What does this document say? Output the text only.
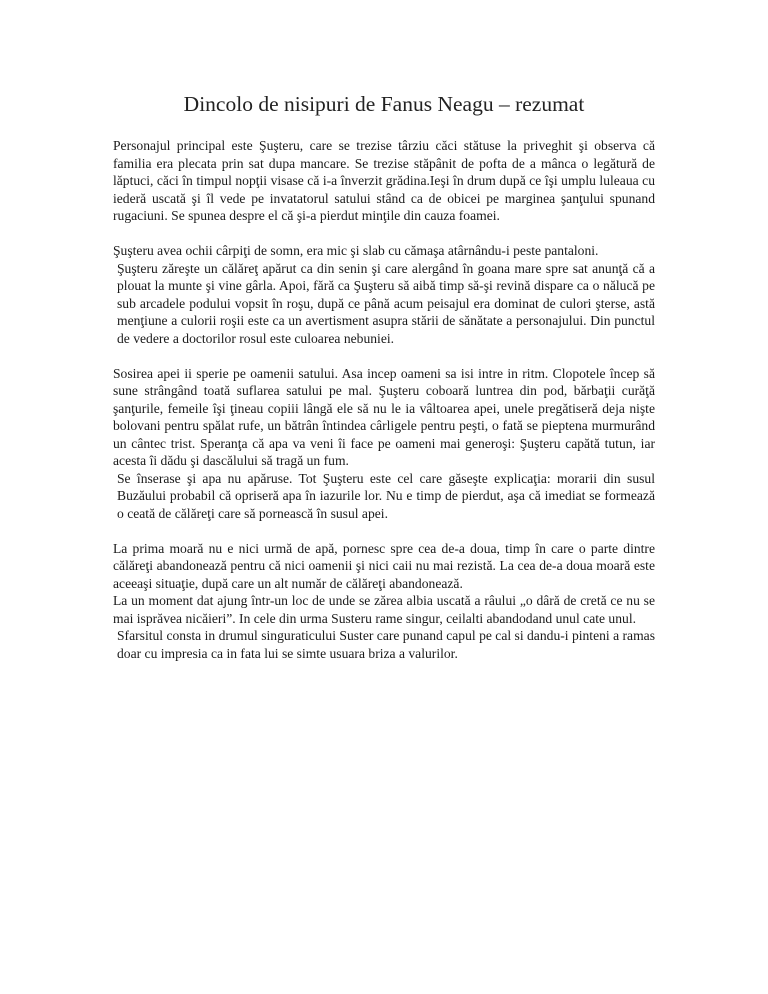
Dincolo de nisipuri de Fanus Neagu – rezumat

Personajul principal este Şuşteru, care se trezise târziu căci stătuse la priveghit şi observa că familia era plecata prin sat dupa mancare. Se trezise stăpânit de pofta de a mânca o legătură de lăptuci, căci în timpul nopţii visase că i-a înverzit grădina.Ieşi în drum după ce îşi umplu luleaua cu iederă uscată şi îl vede pe invatatorul satului stând ca de obicei pe marginea şanţului spunand rugaciuni. Se spunea despre el că şi-a pierdut minţile din cauza foamei.

Şuşteru avea ochii cârpiţi de somn, era mic şi slab cu cămaşa atârnându-i peste pantaloni.

Şuşteru zăreşte un călăreţ apărut ca din senin şi care alergând în goana mare spre sat anunţă că a plouat la munte şi vine gârla. Apoi, fără ca Şuşteru să aibă timp să-şi revină dispare ca o nălucă pe sub arcadele podului vopsit în roşu, după ce până acum peisajul era dominat de culori şterse, astă menţiune a culorii roşii este ca un avertisment asupra stării de sănătate a personajului. Din punctul de vedere a doctorilor rosul este culoarea nebuniei.

Sosirea apei ii sperie pe oamenii satului. Asa incep oameni sa isi intre in ritm. Clopotele încep să sune strângând toată suflarea satului pe mal. Şuşteru coboară luntrea din pod, bărbaţii curăţă şanţurile, femeile îşi ţineau copiii lângă ele să nu le ia vâltoarea apei, unele pregătiseră deja nişte bolovani pentru spălat rufe, un bătrân întindea cârligele pentru peşti, o fată se pieptena murmurând un cântec trist. Speranţa că apa va veni îi face pe oameni mai generoşi: Şuşteru capătă tutun, iar acesta îi dădu şi dascălului să tragă un fum.

Se înserase şi apa nu apăruse. Tot Şuşteru este cel care găseşte explicaţia: morarii din susul Buzăului probabil că opriseră apa în iazurile lor. Nu e timp de pierdut, aşa că imediat se formează o ceată de călăreţi care să pornească în susul apei.

La prima moară nu e nici urmă de apă, pornesc spre cea de-a doua, timp în care o parte dintre călăreţi abandonează pentru că nici oamenii şi nici caii nu mai rezistă. La cea de-a doua moară este aceeaşi situaţie, după care un alt număr de călăreţi abandonează.

La un moment dat ajung într-un loc de unde se zărea albia uscată a râului „o dâră de cretă ce nu se mai isprăvea nicăieri”. In cele din urma Susteru rame singur, ceilalti abandodand unul cate unul.

Sfarsitul consta in drumul singuraticului Suster care punand capul pe cal si dandu-i pinteni a ramas doar cu impresia ca in fata lui se simte usuara briza a valurilor.
